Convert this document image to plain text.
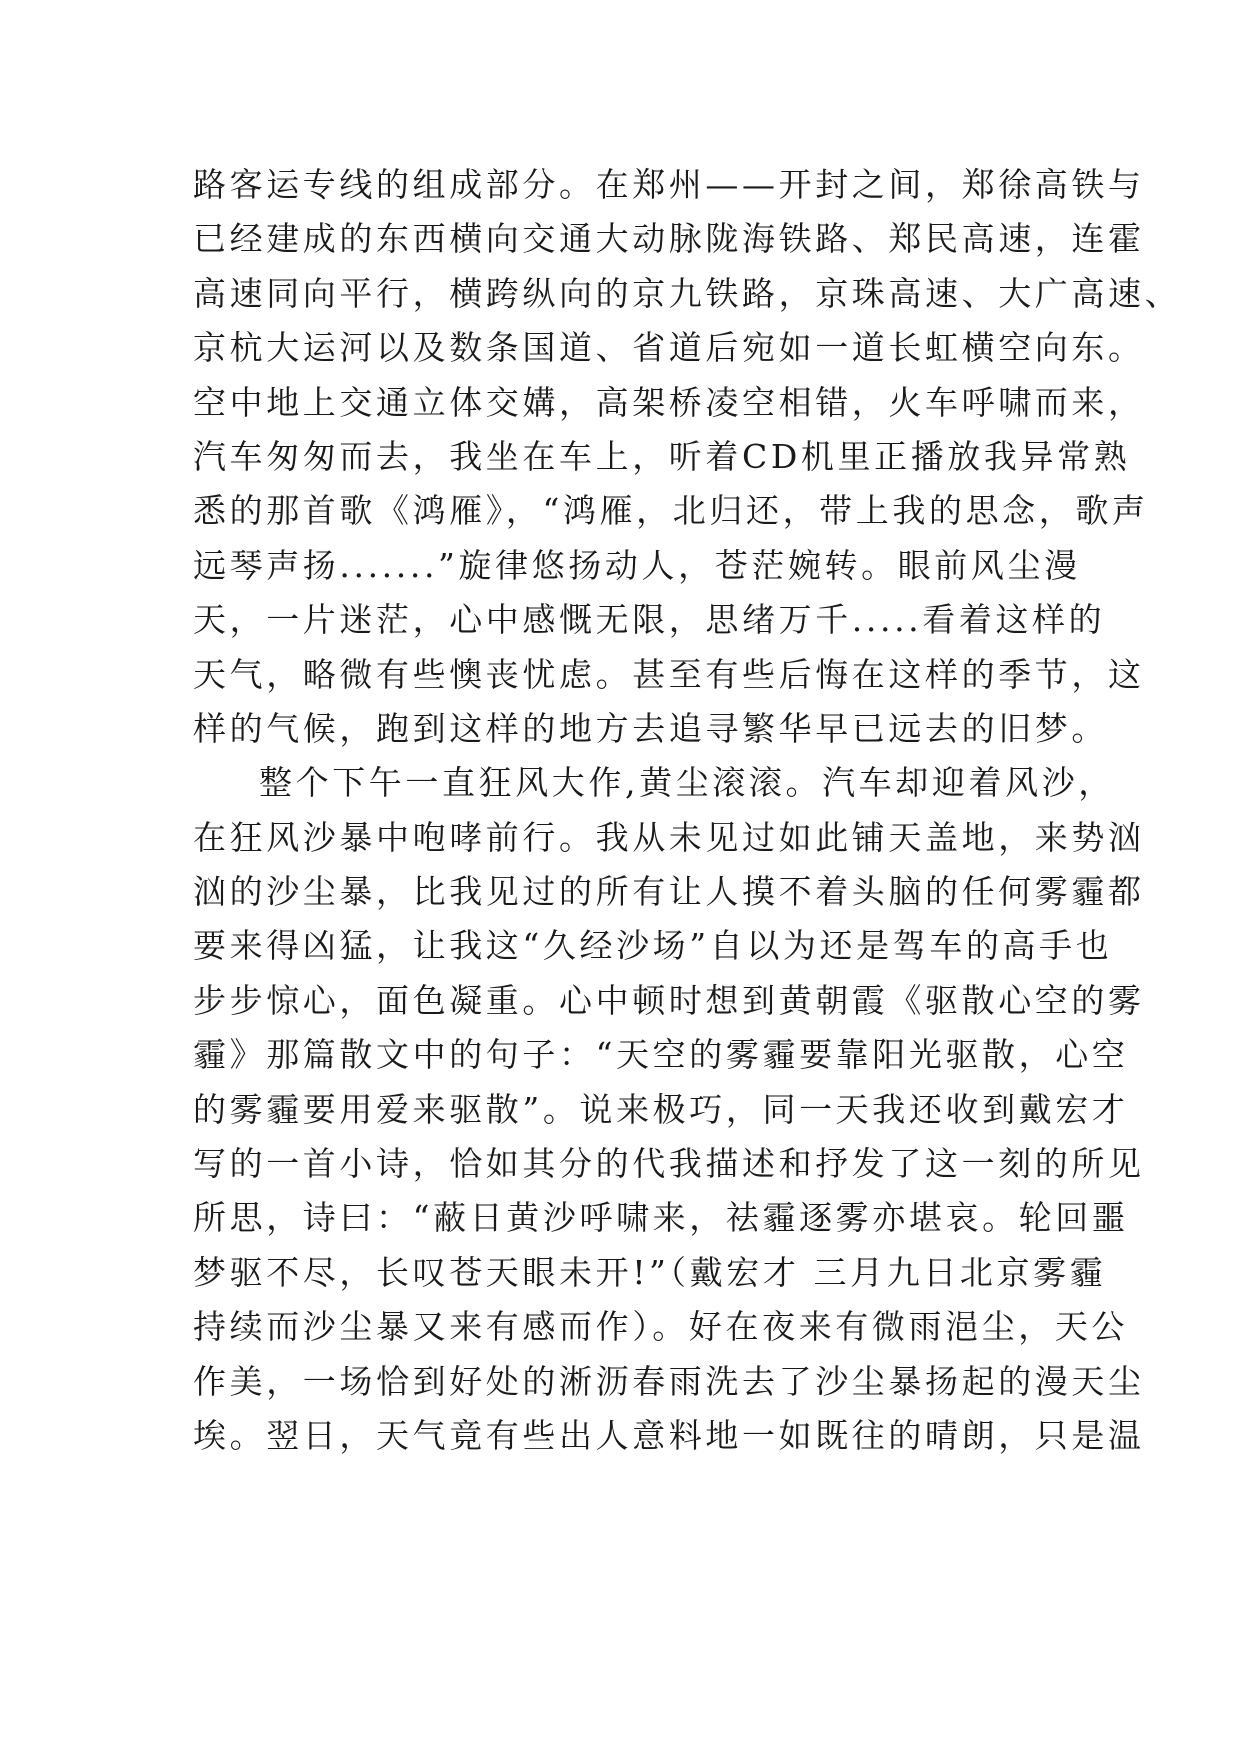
路客运专线的组成部分。在郑州——开封之间，郑徐高铁与
已经建成的东西横向交通大动脉陇海铁路、郑民高速，连霍
高速同向平行，横跨纵向的京九铁路，京珠高速、大广高速、
京杭大运河以及数条国道、省道后宛如一道长虹横空向东。
空中地上交通立体交媾，高架桥凌空相错，火车呼啸而来，
汽车匆匆而去，我坐在车上，听着CD机里正播放我异常熟
悉的那首歌《鸿雁》，“鸿雁，北归还，带上我的思念，歌声
远琴声扬.......”旋律悠扬动人，苍茫婉转。眼前风尘漫
天，一片迷茫，心中感慨无限，思绪万千.....看着这样的
天气，略微有些懊丧忧虑。甚至有些后悔在这样的季节，这
样的气候，跑到这样的地方去追寻繁华早已远去的旧梦。
整个下午一直狂风大作,黄尘滚滚。汽车却迎着风沙，
在狂风沙暴中咆哮前行。我从未见过如此铺天盖地，来势汹
汹的沙尘暴，比我见过的所有让人摸不着头脑的任何雾霾都
要来得凶猛，让我这“久经沙场”自以为还是驾车的高手也
步步惊心，面色凝重。心中顿时想到黄朝霞《驱散心空的雾
霾》那篇散文中的句子：“天空的雾霾要靠阳光驱散，心空
的雾霾要用爱来驱散”。说来极巧，同一天我还收到戴宏才
写的一首小诗，恰如其分的代我描述和抒发了这一刻的所见
所思，诗曰：“蔽日黄沙呼啸来，祛霾逐雾亦堪哀。轮回噩
梦驱不尽，长叹苍天眼未开!”（戴宏才 三月九日北京雾霾
持续而沙尘暴又来有感而作）。好在夜来有微雨浥尘，天公
作美，一场恰到好处的淅沥春雨洗去了沙尘暴扬起的漫天尘
埃。翌日，天气竟有些出人意料地一如既往的晴朗，只是温
